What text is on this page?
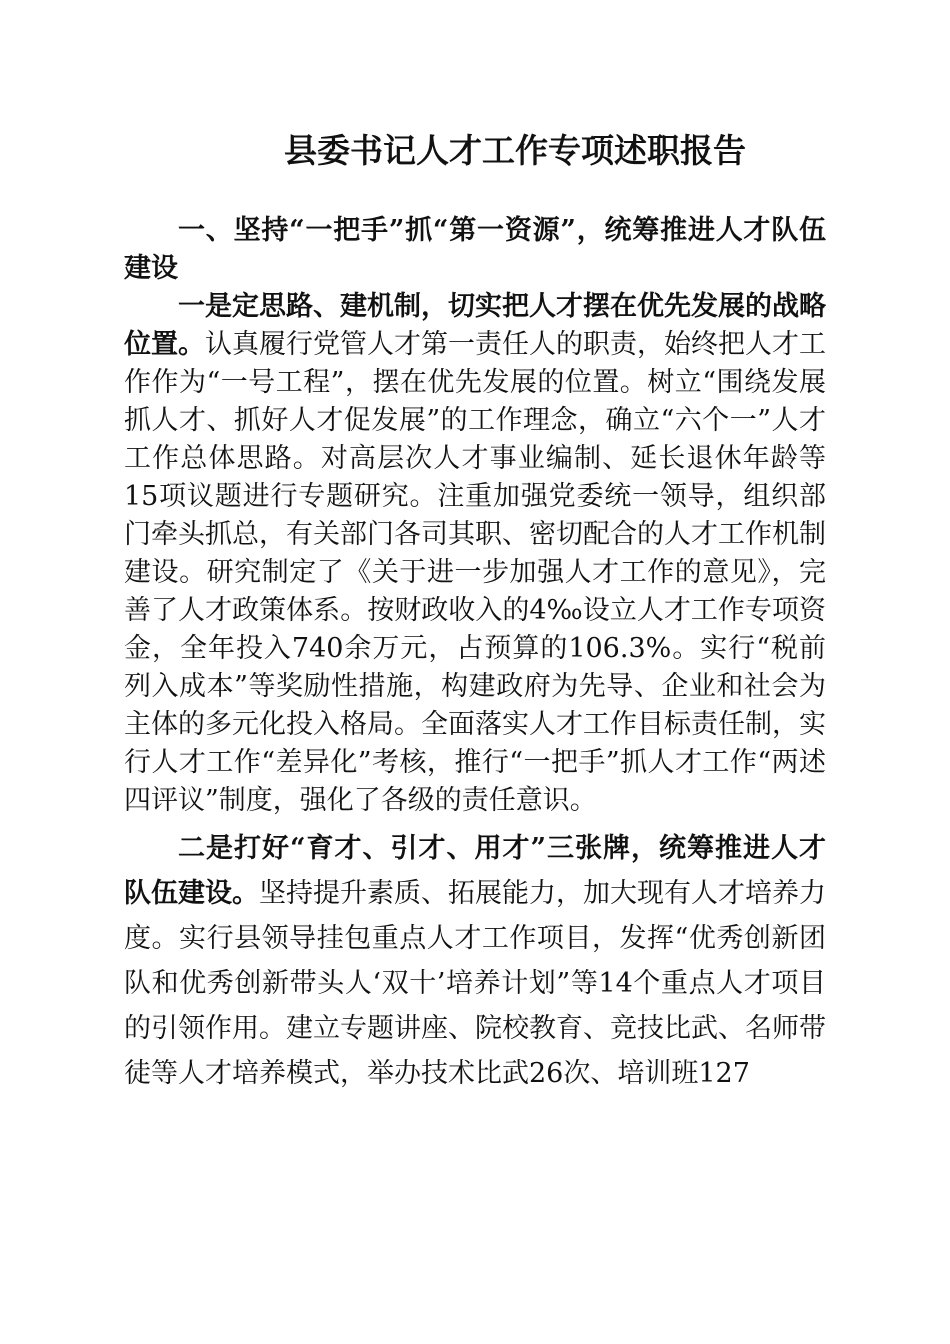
县委书记人才工作专项述职报告

一、坚持“一把手”抓“第一资源”，统筹推进人才队伍建设

一是定思路、建机制，切实把人才摆在优先发展的战略位置。认真履行党管人才第一责任人的职责，始终把人才工作作为“一号工程”，摆在优先发展的位置。树立“围绕发展抓人才、抓好人才促发展”的工作理念，确立“六个一”人才工作总体思路。对高层次人才事业编制、延长退休年龄等15项议题进行专题研究。注重加强党委统一领导，组织部门牵头抓总，有关部门各司其职、密切配合的人才工作机制建设。研究制定了《关于进一步加强人才工作的意见》，完善了人才政策体系。按财政收入的4‰设立人才工作专项资金，全年投入740余万元，占预算的106.3%。实行“税前列入成本”等奖励性措施，构建政府为先导、企业和社会为主体的多元化投入格局。全面落实人才工作目标责任制，实行人才工作“差异化”考核，推行“一把手”抓人才工作“两述四评议”制度，强化了各级的责任意识。

二是打好“育才、引才、用才”三张牌，统筹推进人才队伍建设。坚持提升素质、拓展能力，加大现有人才培养力度。实行县领导挂包重点人才工作项目，发挥“优秀创新团队和优秀创新带头人‘双十’培养计划”等14个重点人才项目的引领作用。建立专题讲座、院校教育、竞技比武、名师带徒等人才培养模式，举办技术比武26次、培训班127
